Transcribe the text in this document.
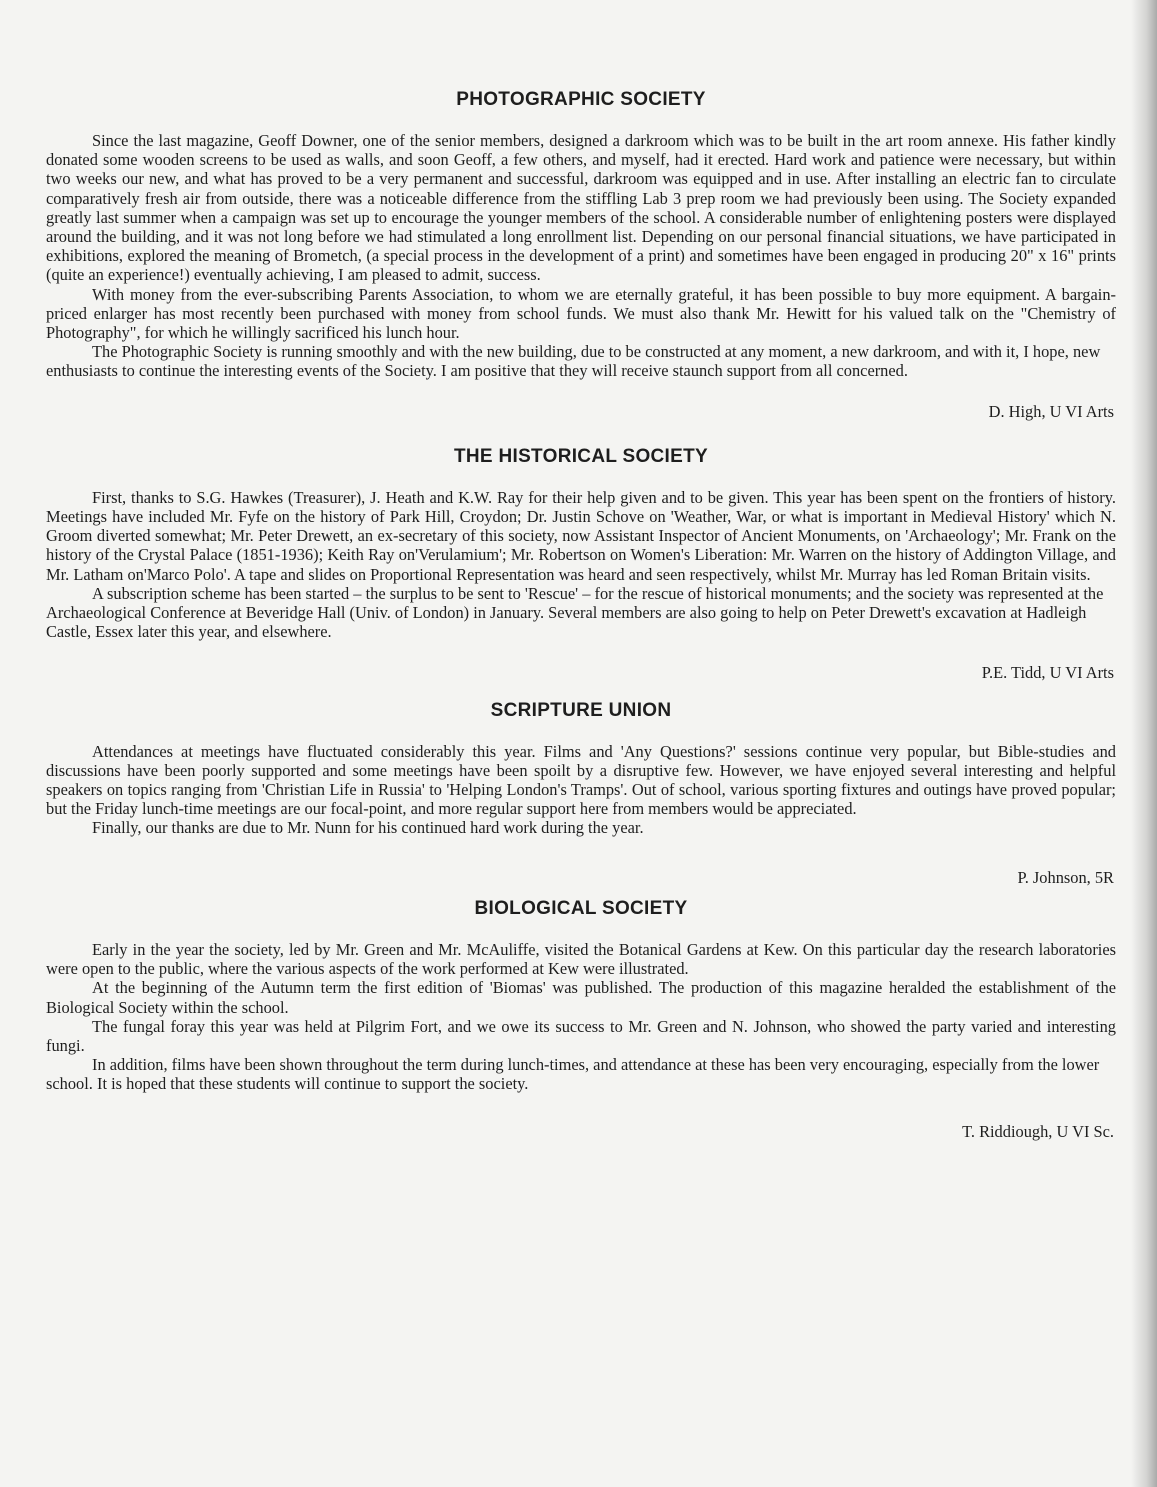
PHOTOGRAPHIC SOCIETY

Since the last magazine, Geoff Downer, one of the senior members, designed a darkroom which was to be built in the art room annexe. His father kindly donated some wooden screens to be used as walls, and soon Geoff, a few others, and myself, had it erected. Hard work and patience were necessary, but within two weeks our new, and what has proved to be a very permanent and successful, darkroom was equipped and in use. After installing an electric fan to circulate comparatively fresh air from outside, there was a noticeable difference from the stiffling Lab 3 prep room we had previously been using. The Society expanded greatly last summer when a campaign was set up to encourage the younger members of the school. A considerable number of enlightening posters were displayed around the building, and it was not long before we had stimulated a long enrollment list. Depending on our personal financial situations, we have participated in exhibitions, explored the meaning of Brometch, (a special process in the development of a print) and sometimes have been engaged in producing 20" x 16" prints (quite an experience!) eventually achieving, I am pleased to admit, success.

With money from the ever-subscribing Parents Association, to whom we are eternally grateful, it has been possible to buy more equipment. A bargain-priced enlarger has most recently been purchased with money from school funds. We must also thank Mr. Hewitt for his valued talk on the "Chemistry of Photography", for which he willingly sacrificed his lunch hour.

The Photographic Society is running smoothly and with the new building, due to be constructed at any moment, a new darkroom, and with it, I hope, new enthusiasts to continue the interesting events of the Society. I am positive that they will receive staunch support from all concerned.

D. High, U VI Arts

THE HISTORICAL SOCIETY

First, thanks to S.G. Hawkes (Treasurer), J. Heath and K.W. Ray for their help given and to be given. This year has been spent on the frontiers of history. Meetings have included Mr. Fyfe on the history of Park Hill, Croydon; Dr. Justin Schove on 'Weather, War, or what is important in Medieval History' which N. Groom diverted somewhat; Mr. Peter Drewett, an ex-secretary of this society, now Assistant Inspector of Ancient Monuments, on 'Archaeology'; Mr. Frank on the history of the Crystal Palace (1851-1936); Keith Ray on'Verulamium'; Mr. Robertson on Women's Liberation: Mr. Warren on the history of Addington Village, and Mr. Latham on'Marco Polo'. A tape and slides on Proportional Representation was heard and seen respectively, whilst Mr. Murray has led Roman Britain visits.

A subscription scheme has been started – the surplus to be sent to 'Rescue' – for the rescue of historical monuments; and the society was represented at the Archaeological Conference at Beveridge Hall (Univ. of London) in January. Several members are also going to help on Peter Drewett's excavation at Hadleigh Castle, Essex later this year, and elsewhere.

P.E. Tidd, U VI Arts

SCRIPTURE UNION

Attendances at meetings have fluctuated considerably this year. Films and 'Any Questions?' sessions continue very popular, but Bible-studies and discussions have been poorly supported and some meetings have been spoilt by a disruptive few. However, we have enjoyed several interesting and helpful speakers on topics ranging from 'Christian Life in Russia' to 'Helping London's Tramps'. Out of school, various sporting fixtures and outings have proved popular; but the Friday lunch-time meetings are our focal-point, and more regular support here from members would be appreciated.

Finally, our thanks are due to Mr. Nunn for his continued hard work during the year.

P. Johnson, 5R

BIOLOGICAL SOCIETY

Early in the year the society, led by Mr. Green and Mr. McAuliffe, visited the Botanical Gardens at Kew. On this particular day the research laboratories were open to the public, where the various aspects of the work performed at Kew were illustrated.

At the beginning of the Autumn term the first edition of 'Biomas' was published. The production of this magazine heralded the establishment of the Biological Society within the school.

The fungal foray this year was held at Pilgrim Fort, and we owe its success to Mr. Green and N. Johnson, who showed the party varied and interesting fungi.

In addition, films have been shown throughout the term during lunch-times, and attendance at these has been very encouraging, especially from the lower school. It is hoped that these students will continue to support the society.

T. Riddiough, U VI Sc.
